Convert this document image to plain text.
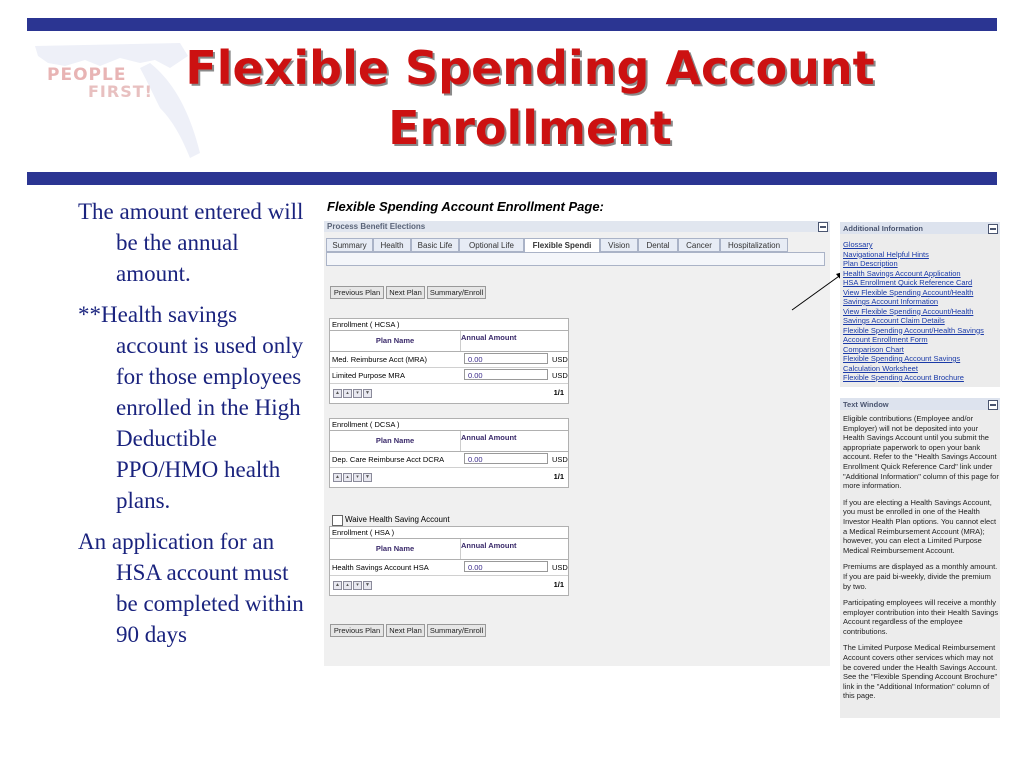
PEOPLE
FIRST! Flexible Spending Account Enrollment
The amount entered will be the annual amount.
**Health savings account is used only for those employees enrolled in the High Deductible PPO/HMO health plans.
An application for an HSA account must be completed within 90 days
Flexible Spending Account Enrollment Page:
Process Benefit Elections
Summary	Health	Basic Life	Optional Life	Flexible Spendi	Vision	Dental	Cancer	Hospitalization
Previous Plan	Next Plan	Summary/Enroll
Enrollment ( HCSA )
Plan Name	Annual Amount
Med. Reimburse Acct (MRA)	0.00	USD
Limited Purpose MRA	0.00	USD
▲	▴	▾	▼	1/1
Enrollment ( DCSA )
Plan Name	Annual Amount
Dep. Care Reimburse Acct DCRA	0.00	USD
▲	▴	▾	▼	1/1
Waive Health Saving Account
Enrollment ( HSA )
Plan Name	Annual Amount
Health Savings Account HSA	0.00	USD
▲	▴	▾	▼	1/1
Previous Plan	Next Plan	Summary/Enroll
Additional Information
Glossary
Navigational Helpful Hints
Plan Description
Health Savings Account Application
HSA Enrollment Quick Reference Card
View Flexible Spending Account/Health Savings Account Information
View Flexible Spending Account/Health Savings Account Claim Details
Flexible Spending Account/Health Savings Account Enrollment Form
Comparison Chart
Flexible Spending Account Savings Calculation Worksheet
Flexible Spending Account Brochure
Text Window

Eligible contributions (Employee and/or Employer) will not be deposited into your Health Savings Account until you submit the appropriate paperwork to open your bank account. Refer to the "Health Savings Account Enrollment Quick Reference Card" link under "Additional Information" column of this page for more information.

If you are electing a Health Savings Account, you must be enrolled in one of the Health Investor Health Plan options. You cannot elect a Medical Reimbursement Account (MRA); however, you can elect a Limited Purpose Medical Reimbursement Account.

Premiums are displayed as a monthly amount. If you are paid bi-weekly, divide the premium by two.

Participating employees will receive a monthly employer contribution into their Health Savings Account regardless of the employee contributions.

The Limited Purpose Medical Reimbursement Account covers other services which may not be covered under the Health Savings Account. See the "Flexible Spending Account Brochure" link in the "Additional Information" column of this page.
